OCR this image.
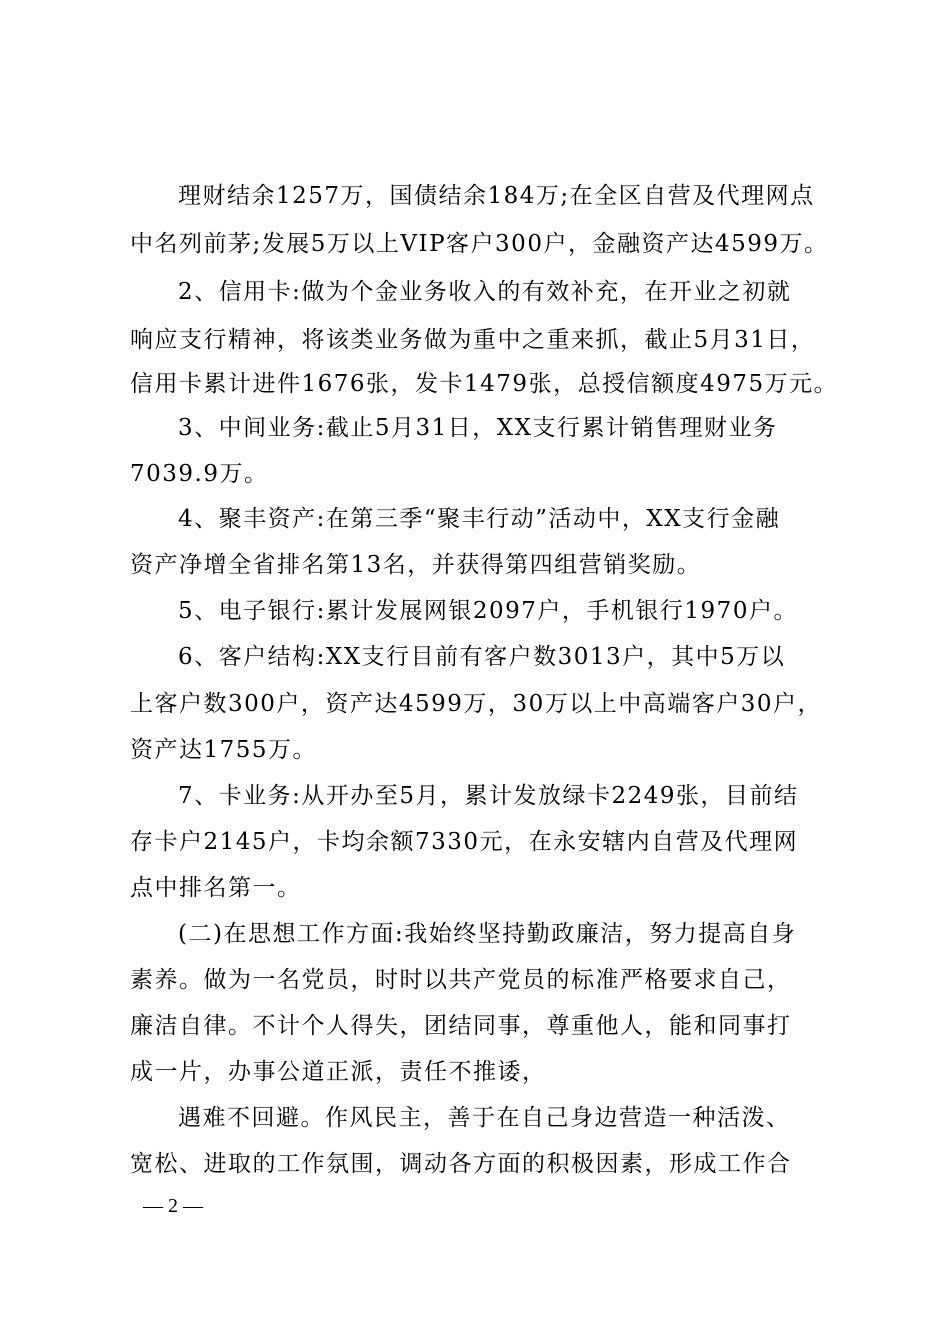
理财结余1257万，国债结余184万;在全区自营及代理网点
中名列前茅;发展5万以上VIP客户300户，金融资产达4599万。
2、信用卡:做为个金业务收入的有效补充，在开业之初就
响应支行精神，将该类业务做为重中之重来抓，截止5月31日，
信用卡累计进件1676张，发卡1479张，总授信额度4975万元。
3、中间业务:截止5月31日，XX支行累计销售理财业务
7039.9万。
4、聚丰资产:在第三季“聚丰行动”活动中，XX支行金融
资产净增全省排名第13名，并获得第四组营销奖励。
5、电子银行:累计发展网银2097户，手机银行1970户。
6、客户结构:XX支行目前有客户数3013户，其中5万以
上客户数300户，资产达4599万，30万以上中高端客户30户，
资产达1755万。
7、卡业务:从开办至5月，累计发放绿卡2249张，目前结
存卡户2145户，卡均余额7330元，在永安辖内自营及代理网
点中排名第一。
(二)在思想工作方面:我始终坚持勤政廉洁，努力提高自身
素养。做为一名党员，时时以共产党员的标准严格要求自己，
廉洁自律。不计个人得失，团结同事，尊重他人，能和同事打
成一片，办事公道正派，责任不推诿，
遇难不回避。作风民主，善于在自己身边营造一种活泼、
宽松、进取的工作氛围，调动各方面的积极因素，形成工作合
— 2 —
